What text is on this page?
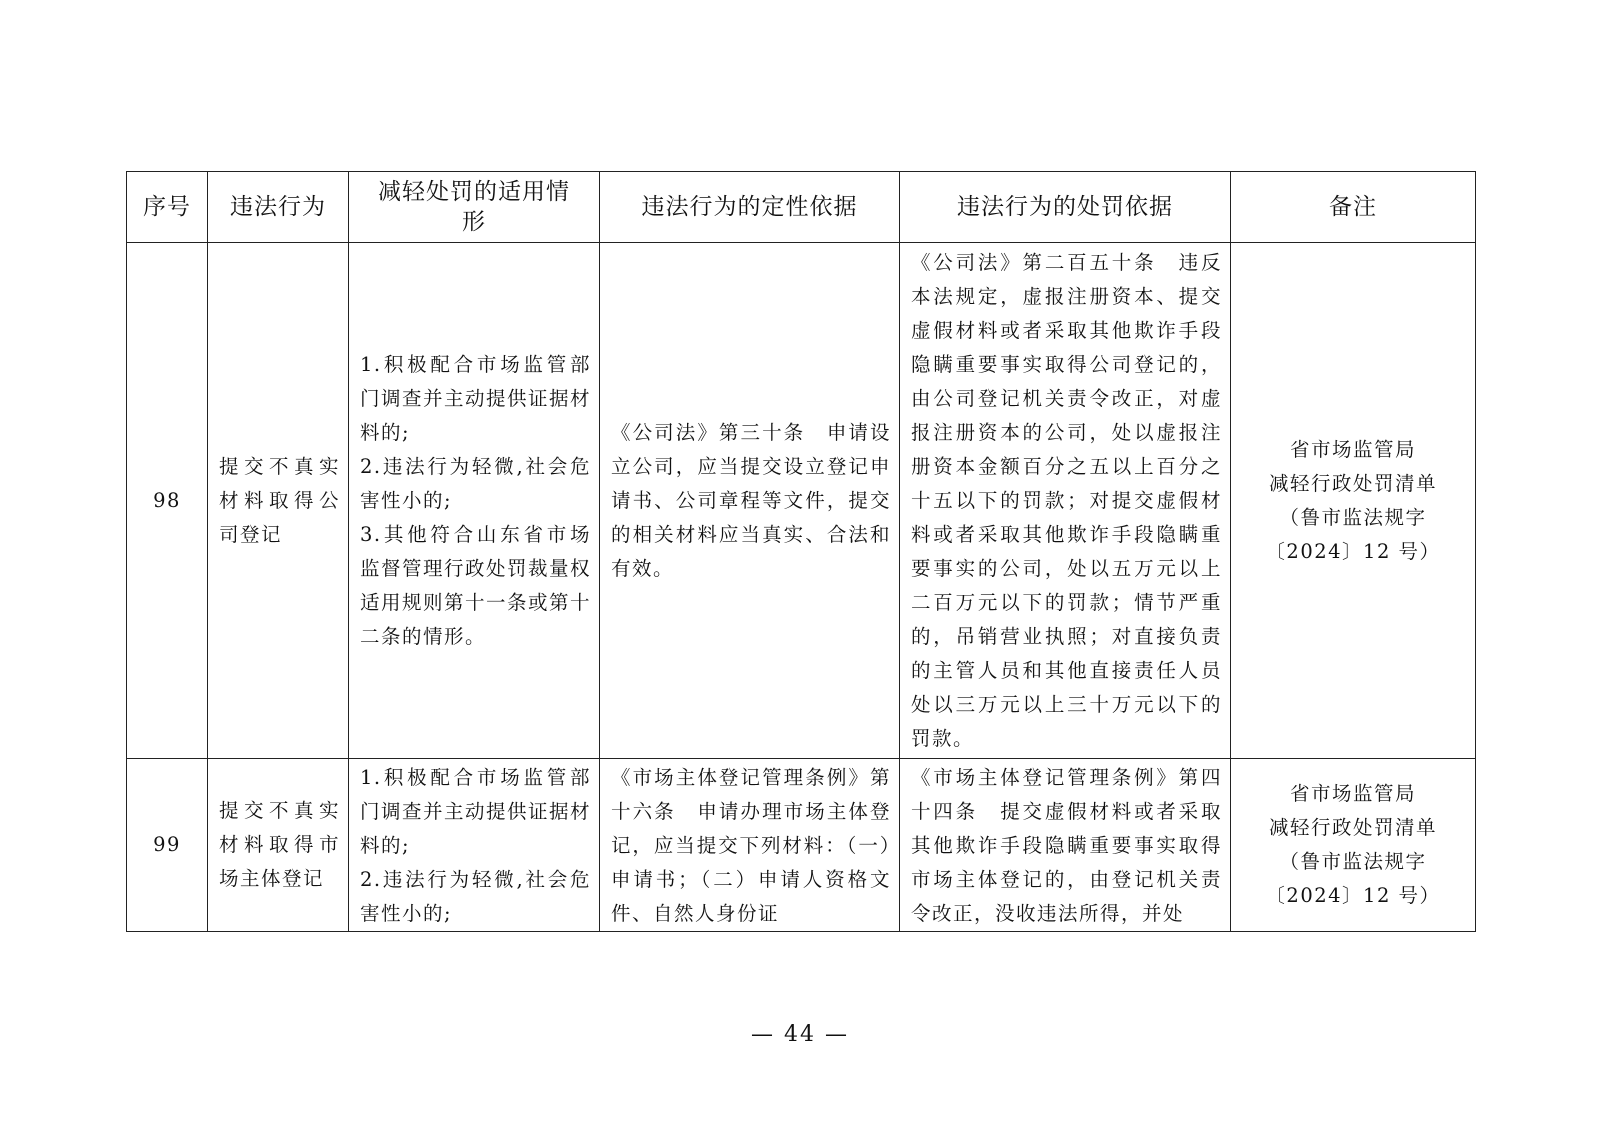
序号	违法行为	减轻处罚的适用情形	违法行为的定性依据	违法行为的处罚依据	备注
98	提交不真实材料取得公司登记	1.积极配合市场监管部门调查并主动提供证据材料的;
2.违法行为轻微,社会危害性小的;
3.其他符合山东省市场监督管理行政处罚裁量权适用规则第十一条或第十二条的情形。	《公司法》第三十条　申请设立公司，应当提交设立登记申请书、公司章程等文件，提交的相关材料应当真实、合法和有效。	《公司法》第二百五十条　违反本法规定，虚报注册资本、提交虚假材料或者采取其他欺诈手段隐瞒重要事实取得公司登记的，由公司登记机关责令改正，对虚报注册资本的公司，处以虚报注册资本金额百分之五以上百分之十五以下的罚款；对提交虚假材料或者采取其他欺诈手段隐瞒重要事实的公司，处以五万元以上二百万元以下的罚款；情节严重的，吊销营业执照；对直接负责的主管人员和其他直接责任人员处以三万元以上三十万元以下的罚款。	省市场监管局
减轻行政处罚清单
（鲁市监法规字
〔2024〕12 号）

99	提交不真实材料取得市场主体登记	1.积极配合市场监管部门调查并主动提供证据材料的;
2.违法行为轻微,社会危害性小的;	《市场主体登记管理条例》第十六条　申请办理市场主体登记，应当提交下列材料：（一）申请书；（二）申请人资格文件、自然人身份证	《市场主体登记管理条例》第四十四条　提交虚假材料或者采取其他欺诈手段隐瞒重要事实取得市场主体登记的，由登记机关责令改正，没收违法所得，并处	省市场监管局
减轻行政处罚清单
（鲁市监法规字
〔2024〕12 号）
— 44 —
